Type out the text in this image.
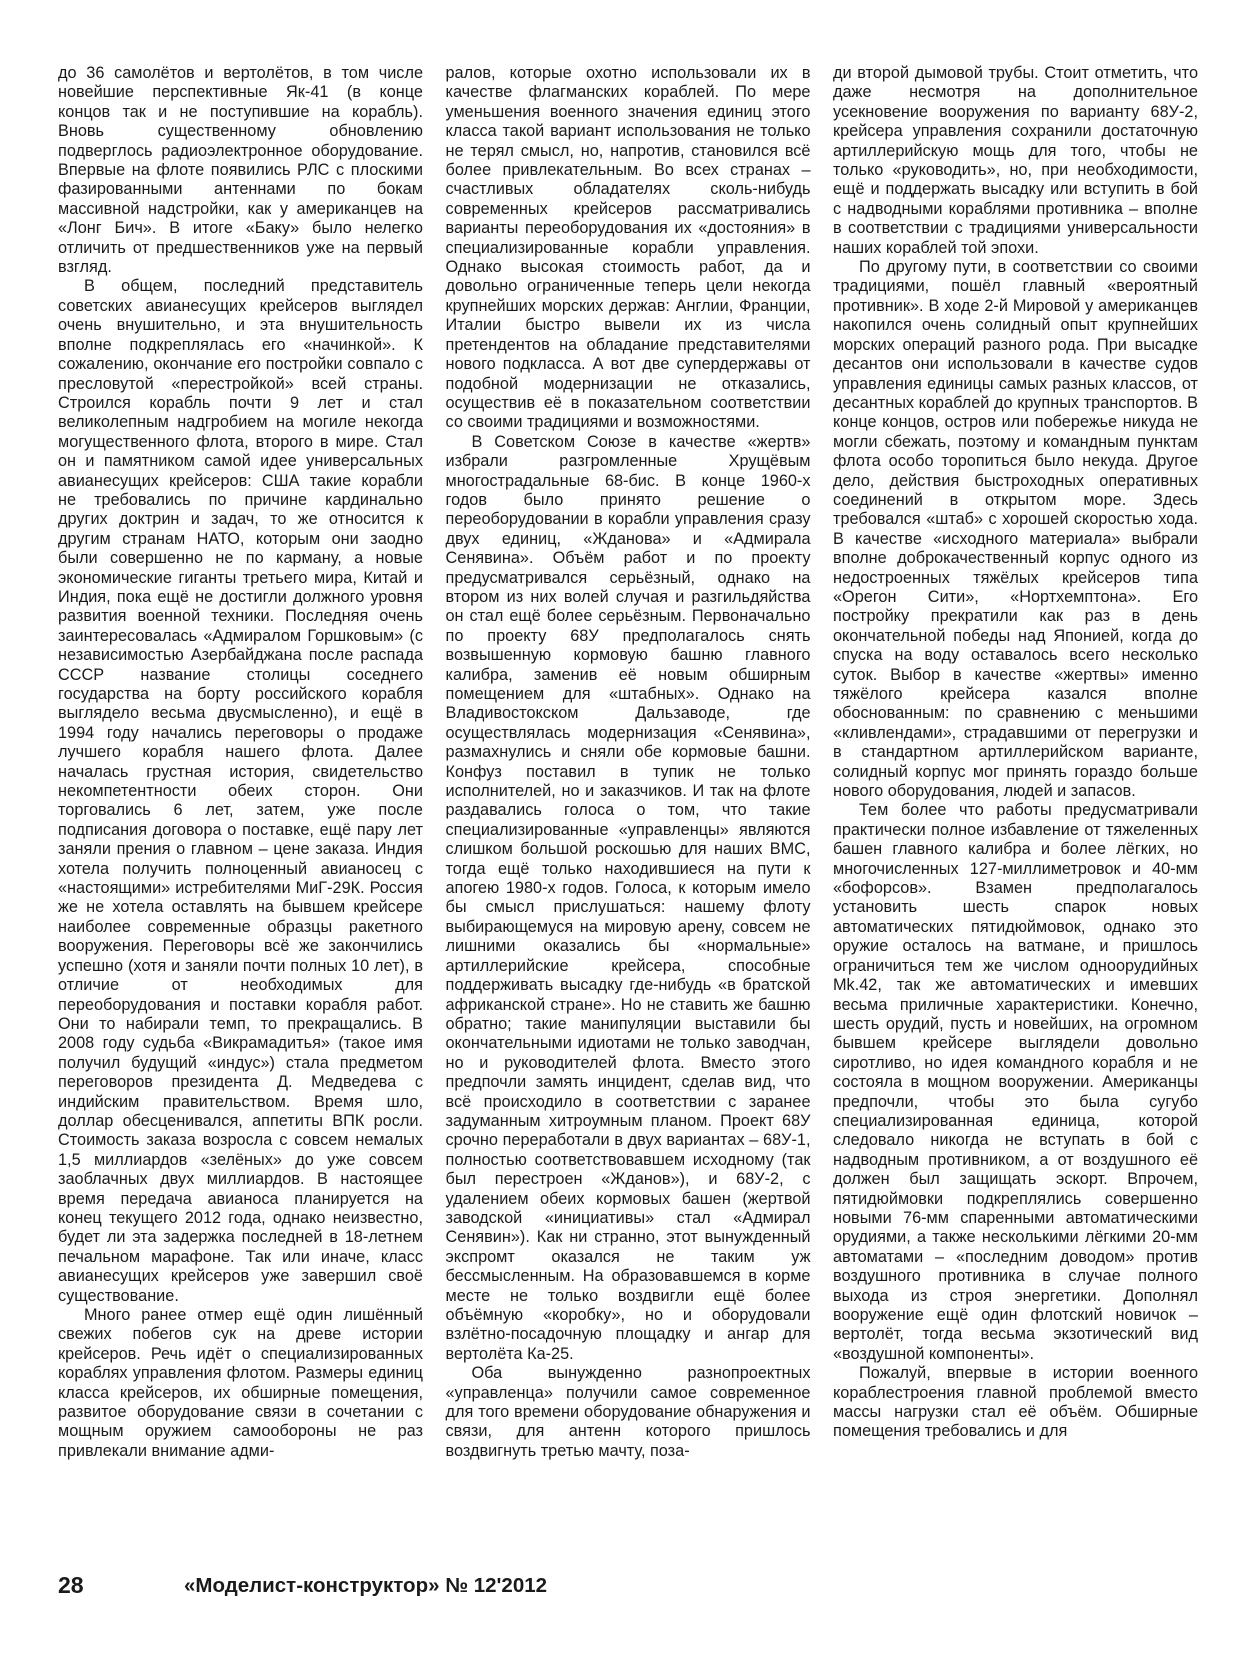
до 36 самолётов и вертолётов, в том числе новейшие перспективные Як-41 (в конце концов так и не поступившие на корабль). Вновь существенному обновлению подверглось радиоэлектронное оборудование. Впервые на флоте появились РЛС с плоскими фазированными антеннами по бокам массивной надстройки, как у американцев на «Лонг Бич». В итоге «Баку» было нелегко отличить от предшественников уже на первый взгляд.

В общем, последний представитель советских авианесущих крейсеров выглядел очень внушительно, и эта внушительность вполне подкреплялась его «начинкой». К сожалению, окончание его постройки совпало с пресловутой «перестройкой» всей страны. Строился корабль почти 9 лет и стал великолепным надгробием на могиле некогда могущественного флота, второго в мире. Стал он и памятником самой идее универсальных авианесущих крейсеров: США такие корабли не требовались по причине кардинально других доктрин и задач, то же относится к другим странам НАТО, которым они заодно были совершенно не по карману, а новые экономические гиганты третьего мира, Китай и Индия, пока ещё не достигли должного уровня развития военной техники. Последняя очень заинтересовалась «Адмиралом Горшковым» (с независимостью Азербайджана после распада СССР название столицы соседнего государства на борту российского корабля выглядело весьма двусмысленно), и ещё в 1994 году начались переговоры о продаже лучшего корабля нашего флота. Далее началась грустная история, свидетельство некомпетентности обеих сторон. Они торговались 6 лет, затем, уже после подписания договора о поставке, ещё пару лет заняли прения о главном – цене заказа. Индия хотела получить полноценный авианосец с «настоящими» истребителями МиГ-29К. Россия же не хотела оставлять на бывшем крейсере наиболее современные образцы ракетного вооружения. Переговоры всё же закончились успешно (хотя и заняли почти полных 10 лет), в отличие от необходимых для переоборудования и поставки корабля работ. Они то набирали темп, то прекращались. В 2008 году судьба «Викрамадитья» (такое имя получил будущий «индус») стала предметом переговоров президента Д. Медведева с индийским правительством. Время шло, доллар обесценивался, аппетиты ВПК росли. Стоимость заказа возросла с совсем немалых 1,5 миллиардов «зелёных» до уже совсем заоблачных двух миллиардов. В настоящее время передача авианоса планируется на конец текущего 2012 года, однако неизвестно, будет ли эта задержка последней в 18-летнем печальном марафоне. Так или иначе, класс авианесущих крейсеров уже завершил своё существование.

Много ранее отмер ещё один лишённый свежих побегов сук на древе истории крейсеров. Речь идёт о специализированных кораблях управления флотом. Размеры единиц класса крейсеров, их обширные помещения, развитое оборудование связи в сочетании с мощным оружием самообороны не раз привлекали внимание адми-

ралов, которые охотно использовали их в качестве флагманских кораблей. По мере уменьшения военного значения единиц этого класса такой вариант использования не только не терял смысл, но, напротив, становился всё более привлекательным. Во всех странах – счастливых обладателях сколь-нибудь современных крейсеров рассматривались варианты переоборудования их «достояния» в специализированные корабли управления. Однако высокая стоимость работ, да и довольно ограниченные теперь цели некогда крупнейших морских держав: Англии, Франции, Италии быстро вывели их из числа претендентов на обладание представителями нового подкласса. А вот две супердержавы от подобной модернизации не отказались, осуществив её в показательном соответствии со своими традициями и возможностями.

В Советском Союзе в качестве «жертв» избрали разгромленные Хрущёвым многострадальные 68-бис. В конце 1960-х годов было принято решение о переоборудовании в корабли управления сразу двух единиц, «Жданова» и «Адмирала Сенявина». Объём работ и по проекту предусматривался серьёзный, однако на втором из них волей случая и разгильдяйства он стал ещё более серьёзным. Первоначально по проекту 68У предполагалось снять возвышенную кормовую башню главного калибра, заменив её новым обширным помещением для «штабных». Однако на Владивостокском Дальзаводе, где осуществлялась модернизация «Сенявина», размахнулись и сняли обе кормовые башни. Конфуз поставил в тупик не только исполнителей, но и заказчиков. И так на флоте раздавались голоса о том, что такие специализированные «управленцы» являются слишком большой роскошью для наших ВМС, тогда ещё только находившиеся на пути к апогею 1980-х годов. Голоса, к которым имело бы смысл прислушаться: нашему флоту выбирающемуся на мировую арену, совсем не лишними оказались бы «нормальные» артиллерийские крейсера, способные поддерживать высадку где-нибудь «в братской африканской стране». Но не ставить же башню обратно; такие манипуляции выставили бы окончательными идиотами не только заводчан, но и руководителей флота. Вместо этого предпочли замять инцидент, сделав вид, что всё происходило в соответствии с заранее задуманным хитроумным планом. Проект 68У срочно переработали в двух вариантах – 68У-1, полностью соответствовавшем исходному (так был перестроен «Жданов»), и 68У-2, с удалением обеих кормовых башен (жертвой заводской «инициативы» стал «Адмирал Сенявин»). Как ни странно, этот вынужденный экспромт оказался не таким уж бессмысленным. На образовавшемся в корме месте не только воздвигли ещё более объёмную «коробку», но и оборудовали взлётно-посадочную площадку и ангар для вертолёта Ка-25.

Оба вынужденно разнопроектных «управленца» получили самое современное для того времени оборудование обнаружения и связи, для антенн которого пришлось воздвигнуть третью мачту, поза-

ди второй дымовой трубы. Стоит отметить, что даже несмотря на дополнительное усекновение вооружения по варианту 68У-2, крейсера управления сохранили достаточную артиллерийскую мощь для того, чтобы не только «руководить», но, при необходимости, ещё и поддержать высадку или вступить в бой с надводными кораблями противника – вполне в соответствии с традициями универсальности наших кораблей той эпохи.

По другому пути, в соответствии со своими традициями, пошёл главный «вероятный противник». В ходе 2-й Мировой у американцев накопился очень солидный опыт крупнейших морских операций разного рода. При высадке десантов они использовали в качестве судов управления единицы самых разных классов, от десантных кораблей до крупных транспортов. В конце концов, остров или побережье никуда не могли сбежать, поэтому и командным пунктам флота особо торопиться было некуда. Другое дело, действия быстроходных оперативных соединений в открытом море. Здесь требовался «штаб» с хорошей скоростью хода. В качестве «исходного материала» выбрали вполне доброкачественный корпус одного из недостроенных тяжёлых крейсеров типа «Орегон Сити», «Нортхемптона». Его постройку прекратили как раз в день окончательной победы над Японией, когда до спуска на воду оставалось всего несколько суток. Выбор в качестве «жертвы» именно тяжёлого крейсера казался вполне обоснованным: по сравнению с меньшими «кливлендами», страдавшими от перегрузки и в стандартном артиллерийском варианте, солидный корпус мог принять гораздо больше нового оборудования, людей и запасов.

Тем более что работы предусматривали практически полное избавление от тяжеленных башен главного калибра и более лёгких, но многочисленных 127-миллиметровок и 40-мм «бофорсов». Взамен предполагалось установить шесть спарок новых автоматических пятидюймовок, однако это оружие осталось на ватмане, и пришлось ограничиться тем же числом одноорудийных Mk.42, так же автоматических и имевших весьма приличные характеристики. Конечно, шесть орудий, пусть и новейших, на огромном бывшем крейсере выглядели довольно сиротливо, но идея командного корабля и не состояла в мощном вооружении. Американцы предпочли, чтобы это была сугубо специализированная единица, которой следовало никогда не вступать в бой с надводным противником, а от воздушного её должен был защищать эскорт. Впрочем, пятидюймовки подкреплялись совершенно новыми 76-мм спаренными автоматическими орудиями, а также несколькими лёгкими 20-мм автоматами – «последним доводом» против воздушного противника в случае полного выхода из строя энергетики. Дополнял вооружение ещё один флотский новичок – вертолёт, тогда весьма экзотический вид «воздушной компоненты».

Пожалуй, впервые в истории военного кораблестроения главной проблемой вместо массы нагрузки стал её объём. Обширные помещения требовались и для

28	«Моделист-конструктор» № 12'2012
